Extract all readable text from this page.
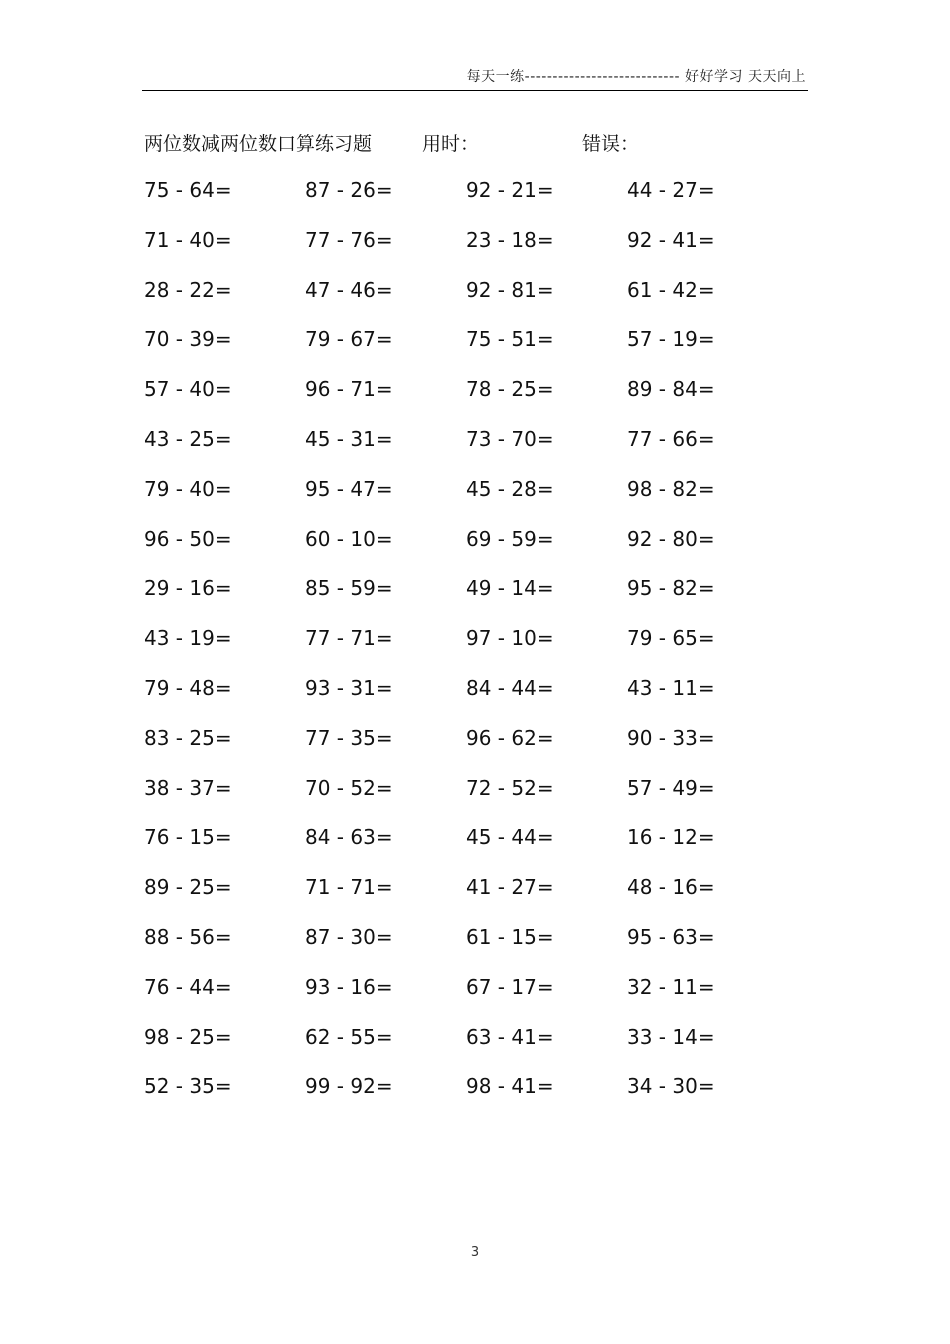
每天一练---------------------------- 好好学习 天天向上
两位数减两位数口算练习题	用时：	错误：
75 - 64=	87 - 26=	92 - 21=	44 - 27=
71 - 40=	77 - 76=	23 - 18=	92 - 41=
28 - 22=	47 - 46=	92 - 81=	61 - 42=
70 - 39=	79 - 67=	75 - 51=	57 - 19=
57 - 40=	96 - 71=	78 - 25=	89 - 84=
43 - 25=	45 - 31=	73 - 70=	77 - 66=
79 - 40=	95 - 47=	45 - 28=	98 - 82=
96 - 50=	60 - 10=	69 - 59=	92 - 80=
29 - 16=	85 - 59=	49 - 14=	95 - 82=
43 - 19=	77 - 71=	97 - 10=	79 - 65=
79 - 48=	93 - 31=	84 - 44=	43 - 11=
83 - 25=	77 - 35=	96 - 62=	90 - 33=
38 - 37=	70 - 52=	72 - 52=	57 - 49=
76 - 15=	84 - 63=	45 - 44=	16 - 12=
89 - 25=	71 - 71=	41 - 27=	48 - 16=
88 - 56=	87 - 30=	61 - 15=	95 - 63=
76 - 44=	93 - 16=	67 - 17=	32 - 11=
98 - 25=	62 - 55=	63 - 41=	33 - 14=
52 - 35=	99 - 92=	98 - 41=	34 - 30=
3
